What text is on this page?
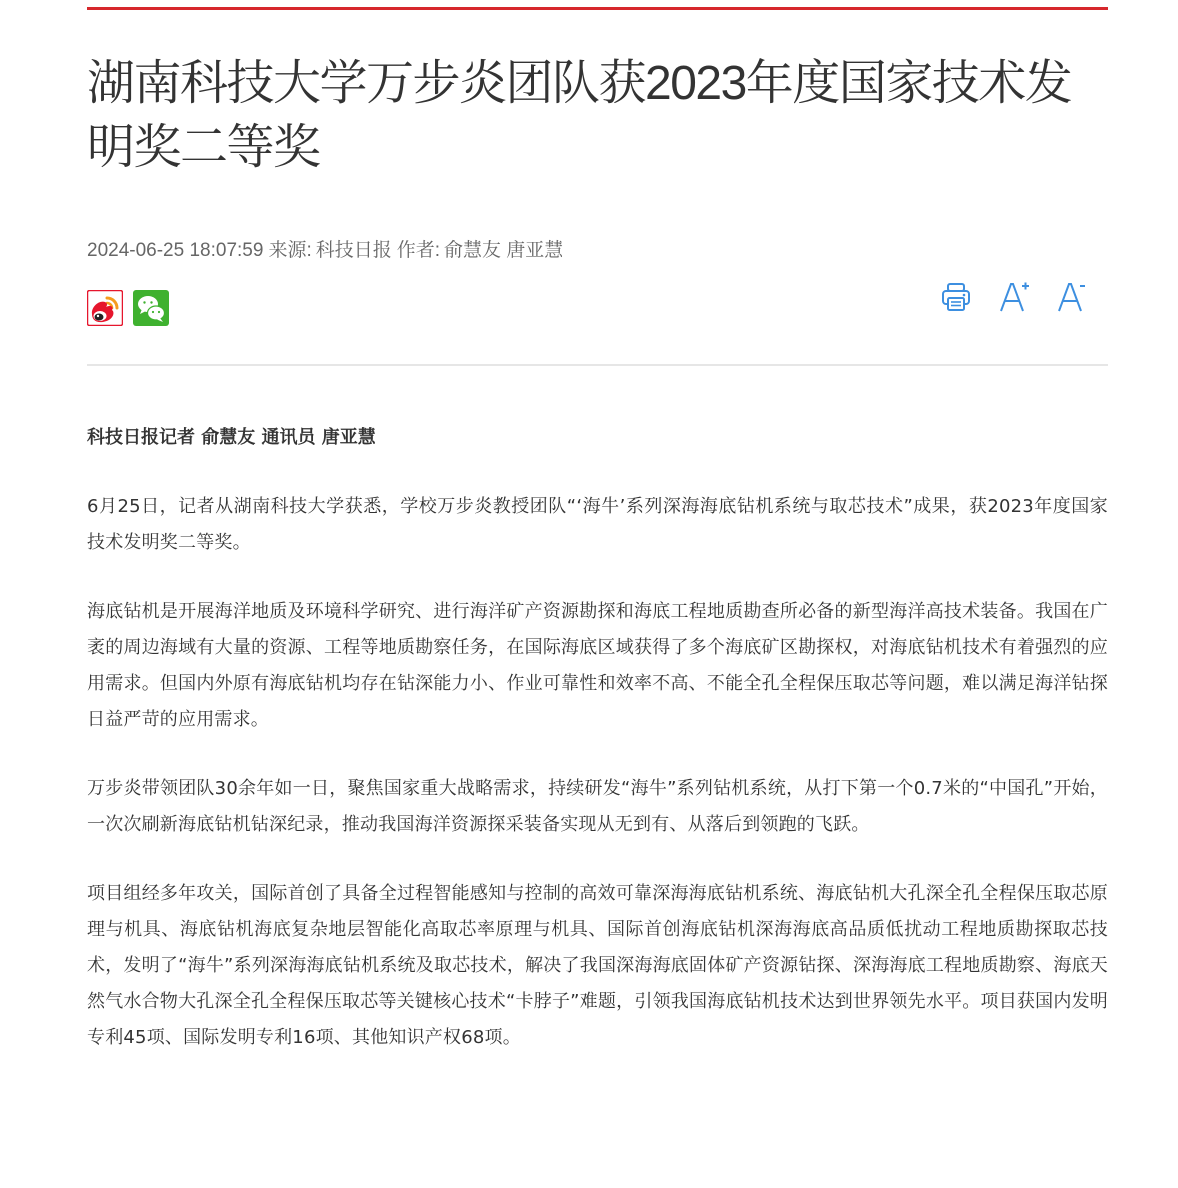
湖南科技大学万步炎团队获2023年度国家技术发明奖二等奖
2024-06-25 18:07:59 来源: 科技日报 作者: 俞慧友 唐亚慧

科技日报记者 俞慧友 通讯员 唐亚慧

6月25日，记者从湖南科技大学获悉，学校万步炎教授团队“‘海牛’系列深海海底钻机系统与取芯技术”成果，获2023年度国家技术发明奖二等奖。

海底钻机是开展海洋地质及环境科学研究、进行海洋矿产资源勘探和海底工程地质勘查所必备的新型海洋高技术装备。我国在广袤的周边海域有大量的资源、工程等地质勘察任务，在国际海底区域获得了多个海底矿区勘探权，对海底钻机技术有着强烈的应用需求。但国内外原有海底钻机均存在钻深能力小、作业可靠性和效率不高、不能全孔全程保压取芯等问题，难以满足海洋钻探日益严苛的应用需求。

万步炎带领团队30余年如一日，聚焦国家重大战略需求，持续研发“海牛”系列钻机系统，从打下第一个0.7米的“中国孔”开始，一次次刷新海底钻机钻深纪录，推动我国海洋资源探采装备实现从无到有、从落后到领跑的飞跃。

项目组经多年攻关，国际首创了具备全过程智能感知与控制的高效可靠深海海底钻机系统、海底钻机大孔深全孔全程保压取芯原理与机具、海底钻机海底复杂地层智能化高取芯率原理与机具、国际首创海底钻机深海海底高品质低扰动工程地质勘探取芯技术，发明了“海牛”系列深海海底钻机系统及取芯技术，解决了我国深海海底固体矿产资源钻探、深海海底工程地质勘察、海底天然气水合物大孔深全孔全程保压取芯等关键核心技术“卡脖子”难题，引领我国海底钻机技术达到世界领先水平。项目获国内发明专利45项、国际发明专利16项、其他知识产权68项。
